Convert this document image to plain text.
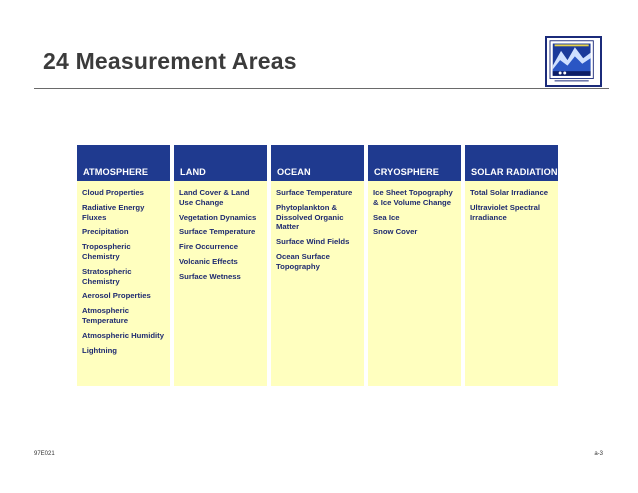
24 Measurement Areas
ATMOSPHERE
Cloud Properties
Radiative Energy Fluxes
Precipitation
Tropospheric Chemistry
Stratospheric Chemistry
Aerosol Properties
Atmospheric Temperature
Atmospheric Humidity
Lightning
LAND
Land Cover & Land Use Change
Vegetation Dynamics
Surface Temperature
Fire Occurrence
Volcanic Effects
Surface Wetness
OCEAN
Surface Temperature
Phytoplankton & Dissolved Organic Matter
Surface Wind Fields
Ocean Surface Topography
CRYOSPHERE
Ice Sheet Topography & Ice Volume Change
Sea Ice
Snow Cover
SOLAR RADIATION
Total Solar Irradiance
Ultraviolet Spectral Irradiance
97E021	a-3
